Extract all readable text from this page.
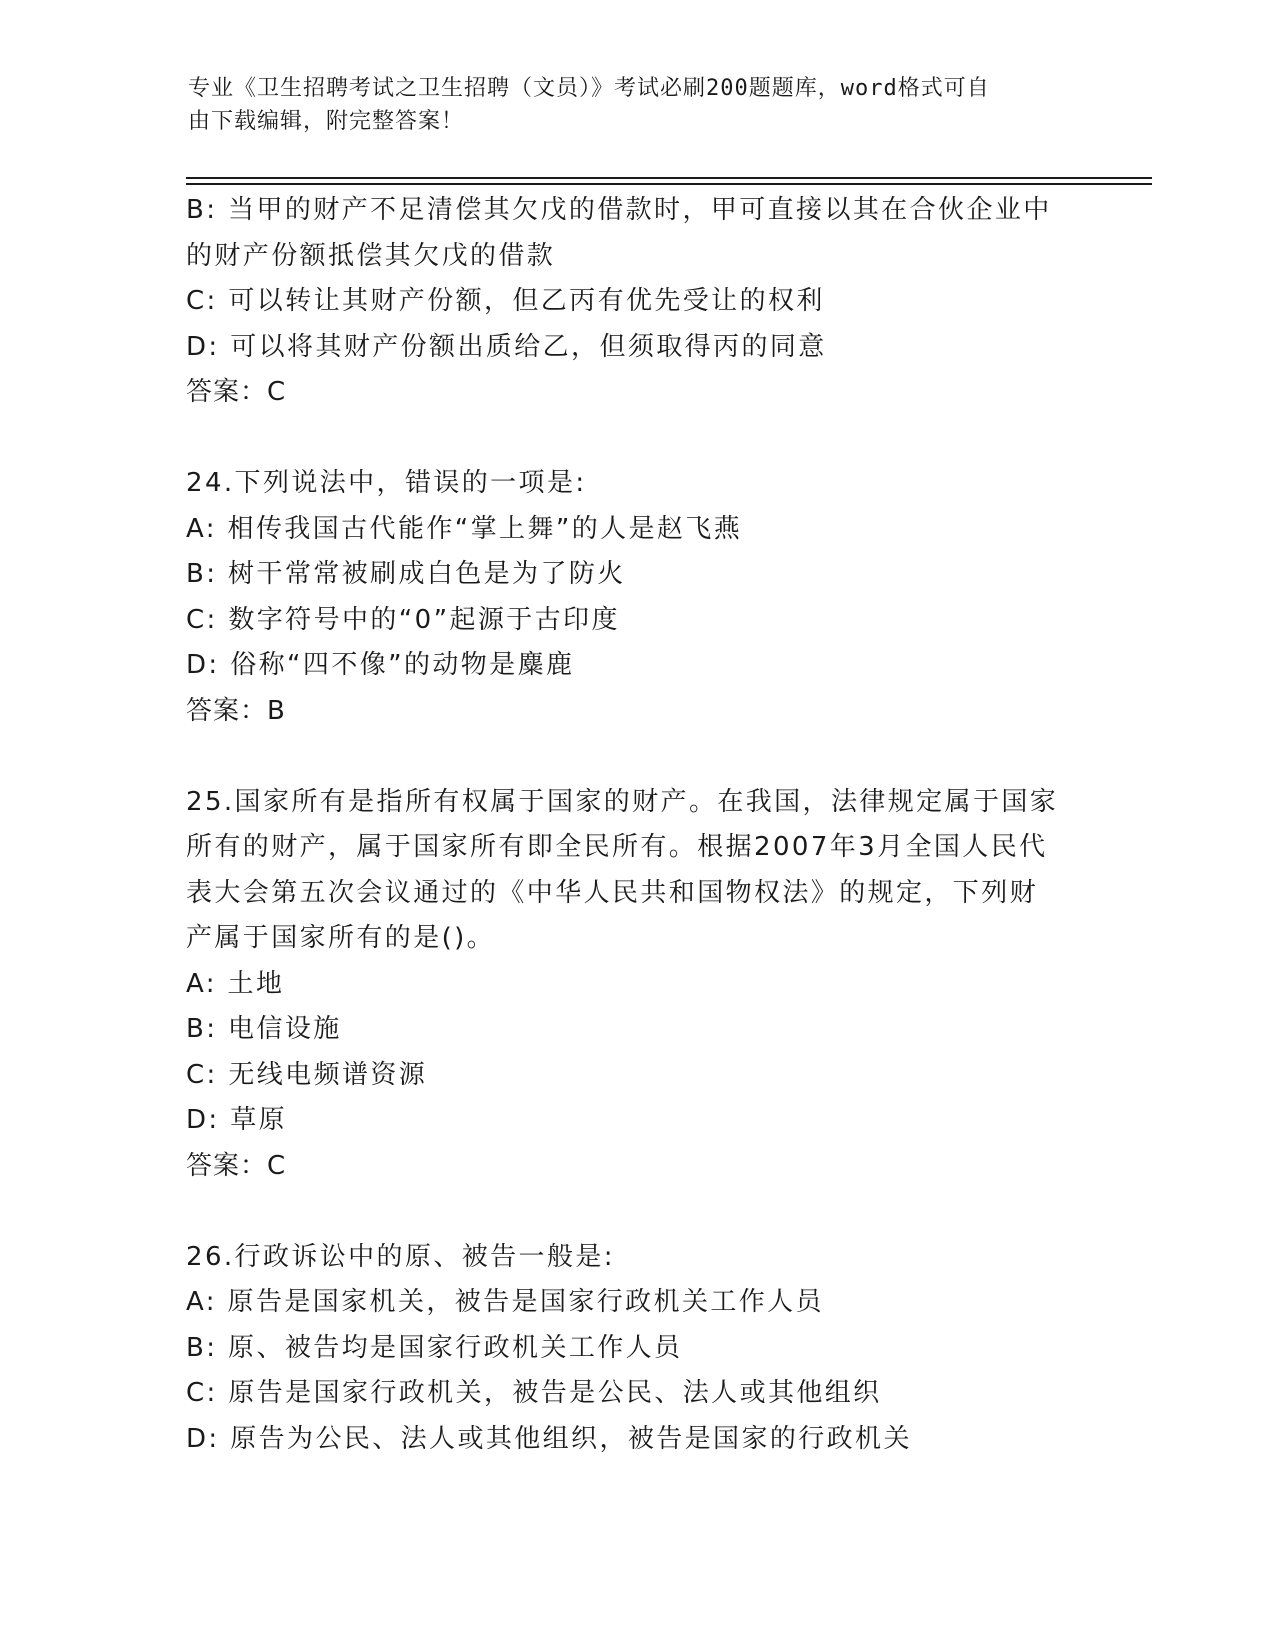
专业《卫生招聘考试之卫生招聘（文员）》考试必刷200题题库，word格式可自
由下载编辑，附完整答案！
B: 当甲的财产不足清偿其欠戊的借款时，甲可直接以其在合伙企业中
的财产份额抵偿其欠戊的借款
C: 可以转让其财产份额，但乙丙有优先受让的权利
D: 可以将其财产份额出质给乙，但须取得丙的同意
答案：C
24.下列说法中，错误的一项是:
A: 相传我国古代能作“掌上舞”的人是赵飞燕
B: 树干常常被刷成白色是为了防火
C: 数字符号中的“0”起源于古印度
D: 俗称“四不像”的动物是麋鹿
答案：B
25.国家所有是指所有权属于国家的财产。在我国，法律规定属于国家
所有的财产，属于国家所有即全民所有。根据2007年3月全国人民代
表大会第五次会议通过的《中华人民共和国物权法》的规定，下列财
产属于国家所有的是()。
A: 土地
B: 电信设施
C: 无线电频谱资源
D: 草原
答案：C
26.行政诉讼中的原、被告一般是:
A: 原告是国家机关，被告是国家行政机关工作人员
B: 原、被告均是国家行政机关工作人员
C: 原告是国家行政机关，被告是公民、法人或其他组织
D: 原告为公民、法人或其他组织，被告是国家的行政机关
